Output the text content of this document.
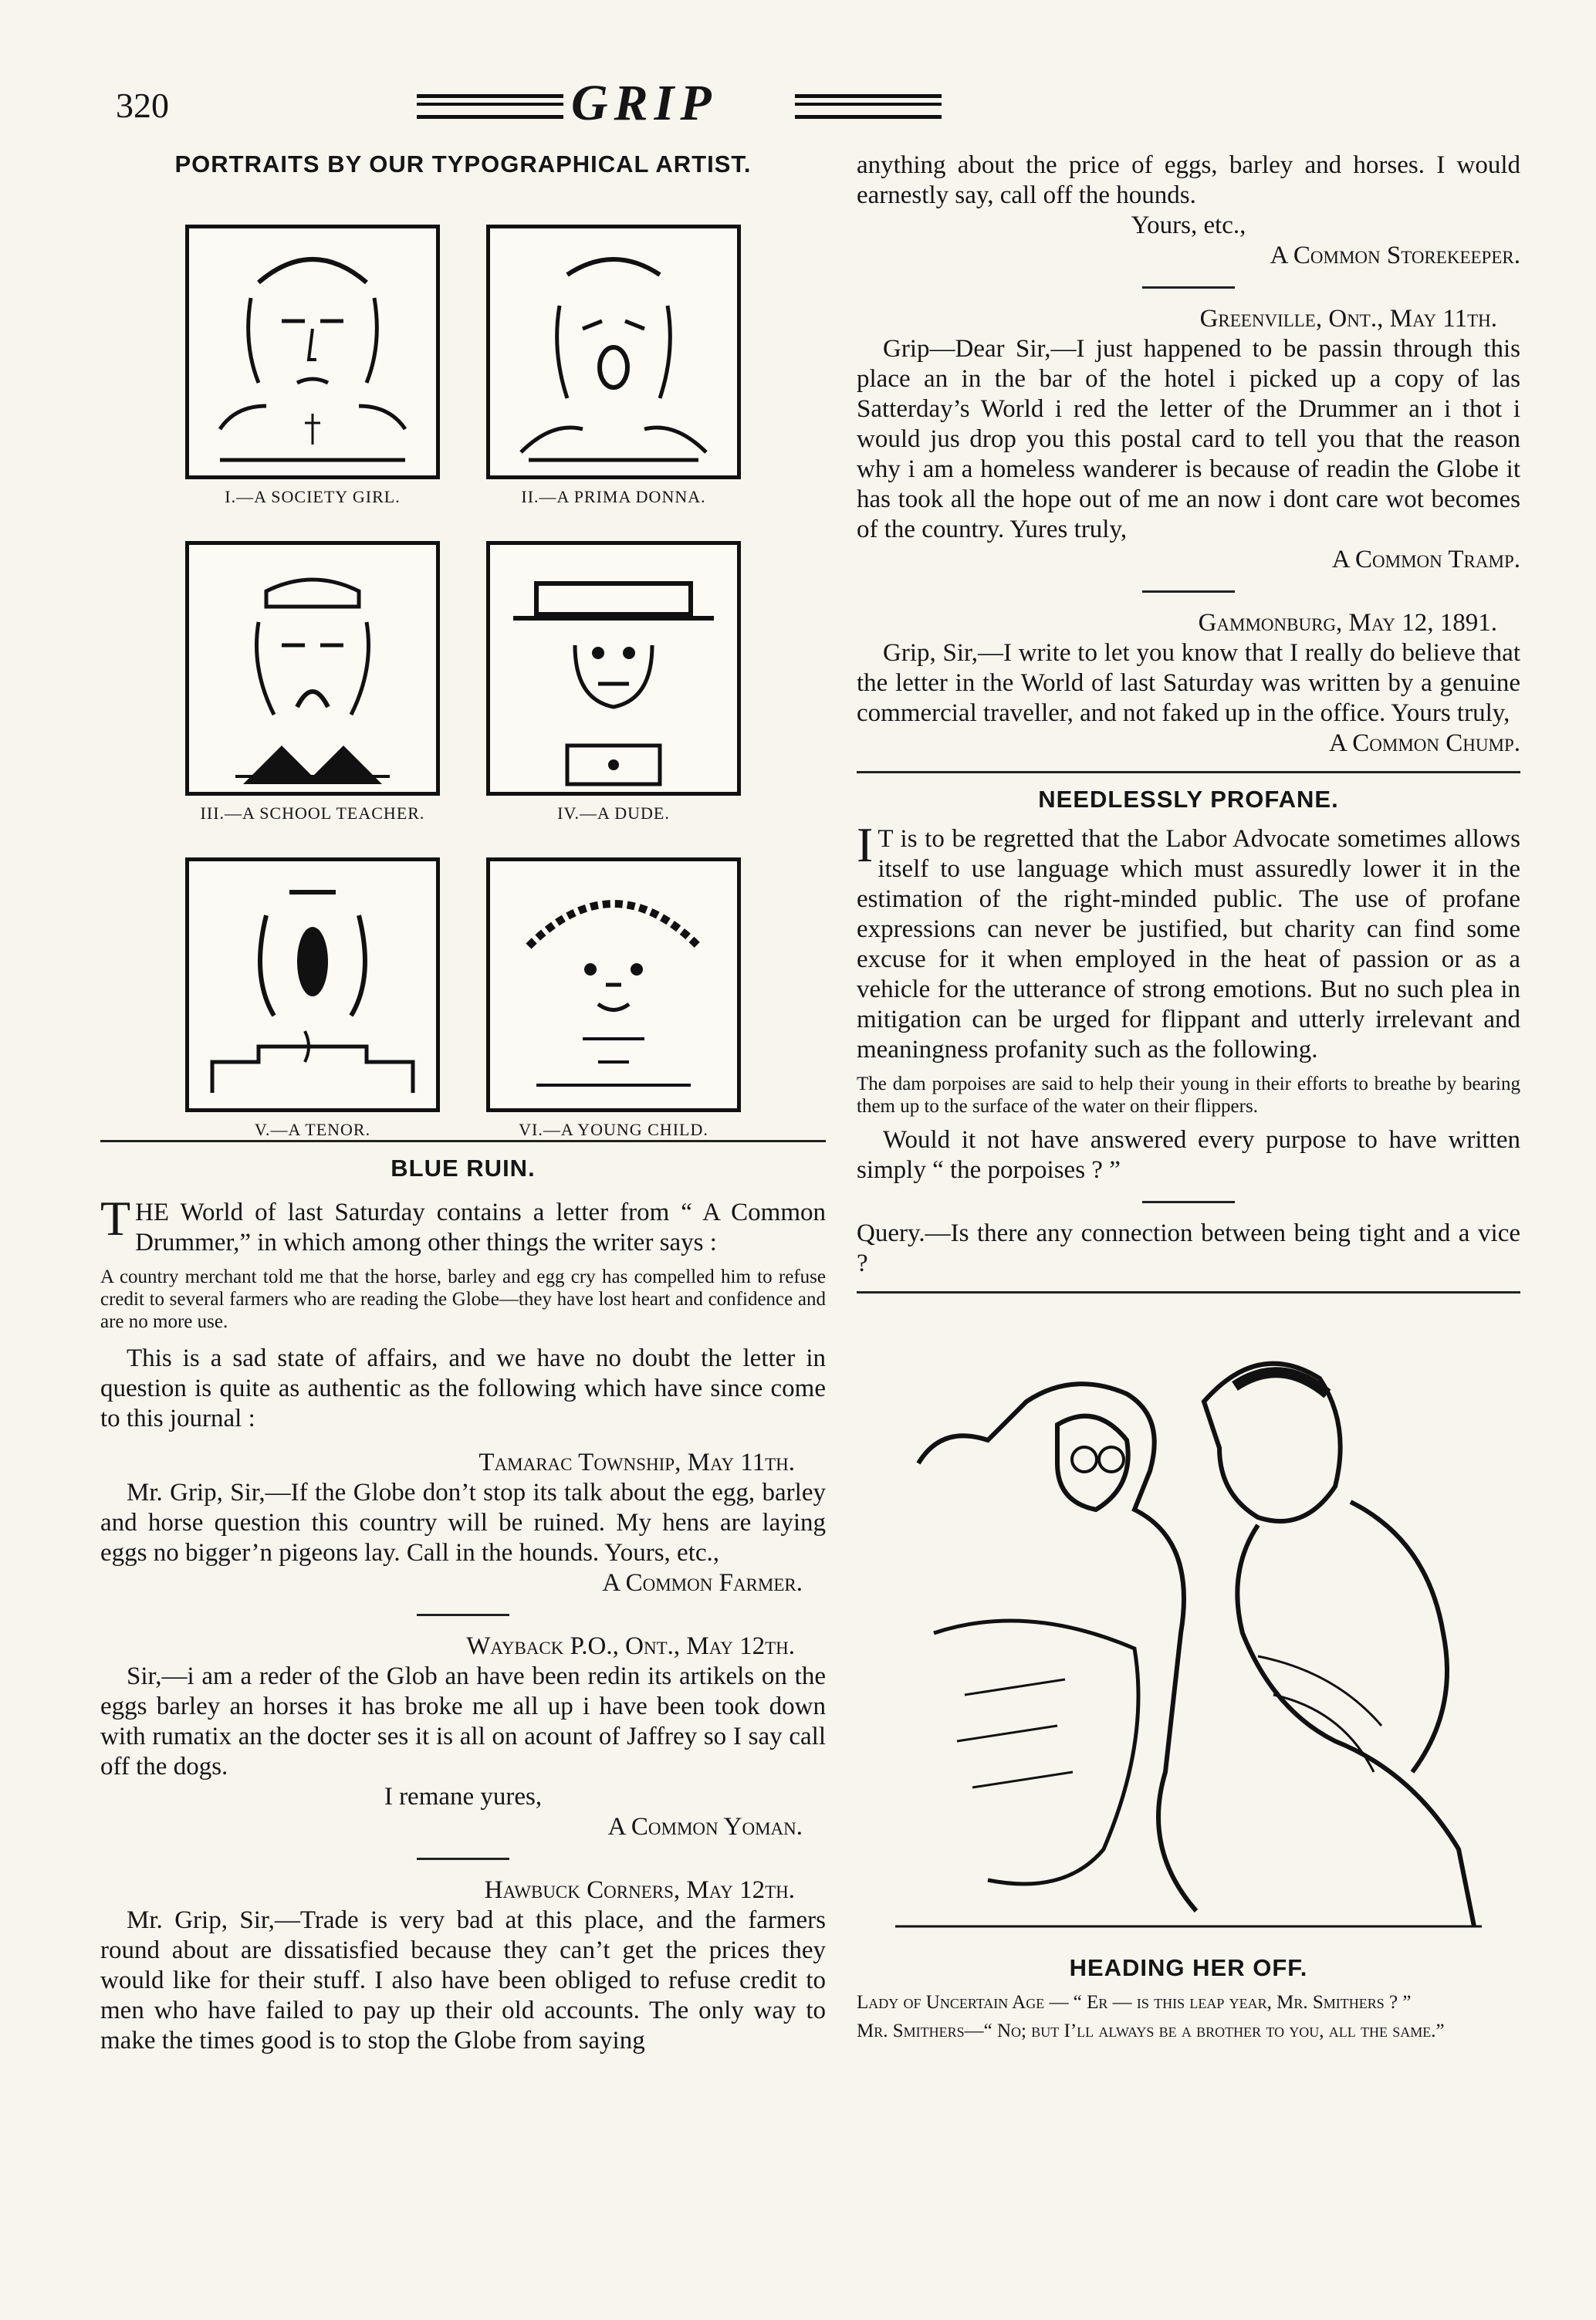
320	GRIP
PORTRAITS BY OUR TYPOGRAPHICAL ARTIST.
I.—A SOCIETY GIRL.	II.—A PRIMA DONNA.
III.—A SCHOOL TEACHER.	IV.—A DUDE.
V.—A TENOR.	VI.—A YOUNG CHILD.
BLUE RUIN.

THE World of last Saturday contains a letter from “ A Common Drummer,” in which among other things the writer says :

A country merchant told me that the horse, barley and egg cry has compelled him to refuse credit to several farmers who are reading the Globe—they have lost heart and confidence and are no more use.

This is a sad state of affairs, and we have no doubt the letter in question is quite as authentic as the following which have since come to this journal :

Tamarac Township, May 11th.

Mr. Grip, Sir,—If the Globe don’t stop its talk about the egg, barley and horse question this country will be ruined. My hens are laying eggs no bigger’n pigeons lay. Call in the hounds. Yours, etc.,

A Common Farmer.

Wayback P.O., Ont., May 12th.

Sir,—i am a reder of the Glob an have been redin its artikels on the eggs barley an horses it has broke me all up i have been took down with rumatix an the docter ses it is all on acount of Jaffrey so I say call off the dogs.

I remane yures,

A Common Yoman.

Hawbuck Corners, May 12th.

Mr. Grip, Sir,—Trade is very bad at this place, and the farmers round about are dissatisfied because they can’t get the prices they would like for their stuff. I also have been obliged to refuse credit to men who have failed to pay up their old accounts. The only way to make the times good is to stop the Globe from saying

anything about the price of eggs, barley and horses. I would earnestly say, call off the hounds.

Yours, etc.,

A Common Storekeeper.

Greenville, Ont., May 11th.

Grip—Dear Sir,—I just happened to be passin through this place an in the bar of the hotel i picked up a copy of las Satterday’s World i red the letter of the Drummer an i thot i would jus drop you this postal card to tell you that the reason why i am a homeless wanderer is because of readin the Globe it has took all the hope out of me an now i dont care wot becomes of the country. Yures truly,

A Common Tramp.

Gammonburg, May 12, 1891.

Grip, Sir,—I write to let you know that I really do believe that the letter in the World of last Saturday was written by a genuine commercial traveller, and not faked up in the office. Yours truly,

A Common Chump.

NEEDLESSLY PROFANE.

IT is to be regretted that the Labor Advocate sometimes allows itself to use language which must assuredly lower it in the estimation of the right-minded public. The use of profane expressions can never be justified, but charity can find some excuse for it when employed in the heat of passion or as a vehicle for the utterance of strong emotions. But no such plea in mitigation can be urged for flippant and utterly irrelevant and meaningness profanity such as the following.

The dam porpoises are said to help their young in their efforts to breathe by bearing them up to the surface of the water on their flippers.

Would it not have answered every purpose to have written simply “ the porpoises ? ”

Query.—Is there any connection between being tight and a vice ?

HEADING HER OFF.

Lady of Uncertain Age — “ Er — is this leap year, Mr. Smithers ? ”

Mr. Smithers—“ No; but I’ll always be a brother to you, all the same.”
